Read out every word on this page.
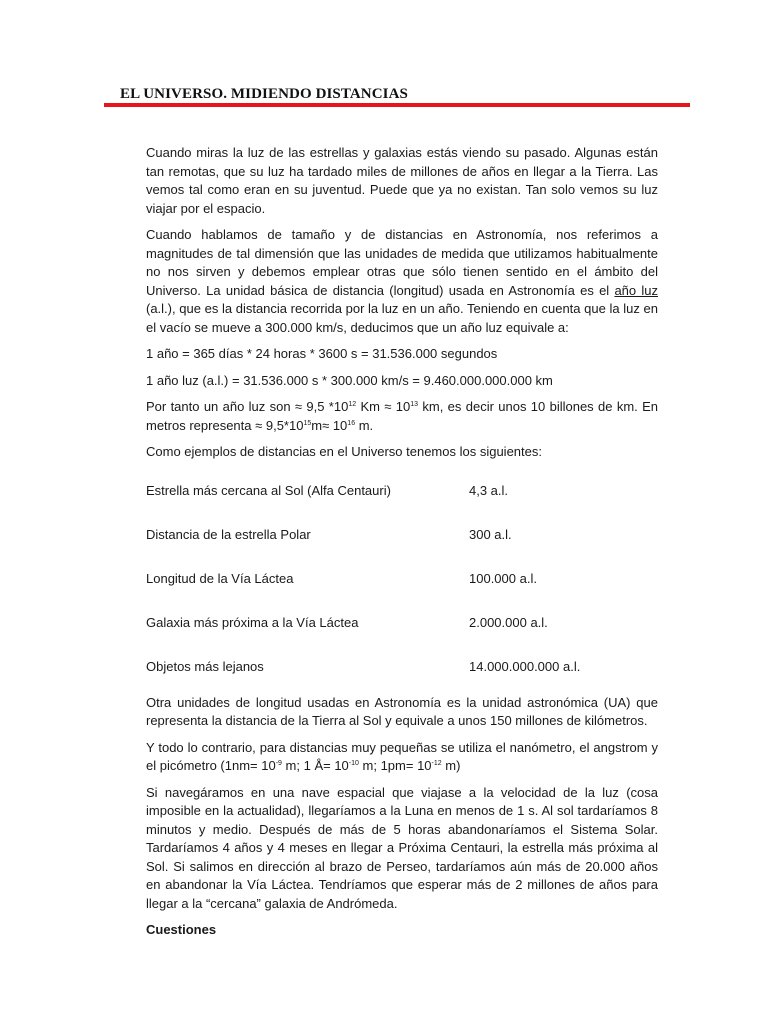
EL UNIVERSO. MIDIENDO DISTANCIAS

Cuando miras la luz de las estrellas y galaxias estás viendo su pasado. Algunas están tan remotas, que su luz ha tardado miles de millones de años en llegar a la Tierra. Las vemos tal como eran en su juventud. Puede que ya no existan. Tan solo vemos su luz viajar por el espacio.

Cuando hablamos de tamaño y de distancias en Astronomía, nos referimos a magnitudes de tal dimensión que las unidades de medida que utilizamos habitualmente no nos sirven y debemos emplear otras que sólo tienen sentido en el ámbito del Universo. La unidad básica de distancia (longitud) usada en Astronomía es el año luz (a.l.), que es la distancia recorrida por la luz en un año. Teniendo en cuenta que la luz en el vacío se mueve a 300.000 km/s, deducimos que un año luz equivale a:

1 año = 365 días * 24 horas * 3600 s = 31.536.000 segundos

1 año luz (a.l.) = 31.536.000 s * 300.000 km/s = 9.460.000.000.000 km

Por tanto un año luz son ≈ 9,5 $*10^{12}$ $Km \approx 10^{13}$ km, es decir unos 10 billones de km. En metros representa ≈ $9,5*10^{15}m\approx 10^{16}$ m.

Como ejemplos de distancias en el Universo tenemos los siguientes:

Estrella más cercana al Sol (Alfa Centauri)	4,3 a.l.
Distancia de la estrella Polar	300 a.l.
Longitud de la Vía Láctea	100.000 a.l.
Galaxia más próxima a la Vía Láctea	2.000.000 a.l.
Objetos más lejanos	14.000.000.000 a.l.

Otra unidades de longitud usadas en Astronomía es la unidad astronómica (UA) que representa la distancia de la Tierra al Sol y equivale a unos 150 millones de kilómetros.

Y todo lo contrario, para distancias muy pequeñas se utiliza el nanómetro, el angstrom y el picómetro ($1nm= 10^{-9}$ m; 1 Å= $10^{-10}$ m; $1pm= 10^{-12}$ m)

Si navegáramos en una nave espacial que viajase a la velocidad de la luz (cosa imposible en la actualidad), llegaríamos a la Luna en menos de 1 s. Al sol tardaríamos 8 minutos y medio. Después de más de 5 horas abandonaríamos el Sistema Solar. Tardaríamos 4 años y 4 meses en llegar a Próxima Centauri, la estrella más próxima al Sol. Si salimos en dirección al brazo de Perseo, tardaríamos aún más de 20.000 años en abandonar la Vía Láctea. Tendríamos que esperar más de 2 millones de años para llegar a la “cercana” galaxia de Andrómeda.

Cuestiones
